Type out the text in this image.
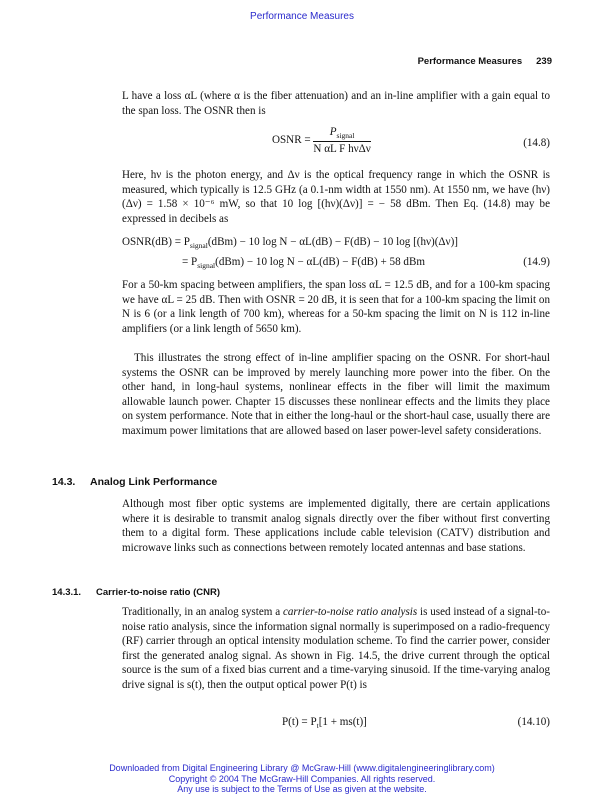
Performance Measures
Performance Measures 239

L have a loss αL (where α is the fiber attenuation) and an in-line amplifier with a gain equal to the span loss. The OSNR then is

OSNR = $\frac{P_{signal}}{\text{N αL F hνΔν}}$	(14.8)

Here, hν is the photon energy, and Δν is the optical frequency range in which the OSNR is measured, which typically is 12.5 GHz (a 0.1-nm width at 1550 nm). At 1550 nm, we have (hν)(Δν) = 1.58 × 10⁻⁶ mW, so that 10 log [(hν)(Δν)] = − 58 dBm. Then Eq. (14.8) may be expressed in decibels as

OSNR(dB) = $P_{signal}(dBm) - 10$ log N − αL(dB) − F(dB) − 10 log [(hν)(Δν)]
= $P_{signal}(dBm) - 10$ log N − αL(dB) − F(dB) + 58 dBm	(14.9)

For a 50-km spacing between amplifiers, the span loss αL = 12.5 dB, and for a 100-km spacing we have αL = 25 dB. Then with OSNR = 20 dB, it is seen that for a 100-km spacing the limit on N is 6 (or a link length of 700 km), whereas for a 50-km spacing the limit on N is 112 in-line amplifiers (or a link length of 5650 km).

This illustrates the strong effect of in-line amplifier spacing on the OSNR. For short-haul systems the OSNR can be improved by merely launching more power into the fiber. On the other hand, in long-haul systems, nonlinear effects in the fiber will limit the maximum allowable launch power. Chapter 15 discusses these nonlinear effects and the limits they place on system performance. Note that in either the long-haul or the short-haul case, usually there are maximum power limitations that are allowed based on laser power-level safety considerations.

14.3. Analog Link Performance

Although most fiber optic systems are implemented digitally, there are certain applications where it is desirable to transmit analog signals directly over the fiber without first converting them to a digital form. These applications include cable television (CATV) distribution and microwave links such as connections between remotely located antennas and base stations.

14.3.1. Carrier-to-noise ratio (CNR)

Traditionally, in an analog system a carrier-to-noise ratio analysis is used instead of a signal-to-noise ratio analysis, since the information signal normally is superimposed on a radio-frequency (RF) carrier through an optical intensity modulation scheme. To find the carrier power, consider first the generated analog signal. As shown in Fig. 14.5, the drive current through the optical source is the sum of a fixed bias current and a time-varying sinusoid. If the time-varying analog drive signal is s(t), then the output optical power P(t) is

$P(t) = P_t[1 + ms(t)]$	(14.10)
Downloaded from Digital Engineering Library @ McGraw-Hill (www.digitalengineeringlibrary.com)
Copyright © 2004 The McGraw-Hill Companies. All rights reserved.
Any use is subject to the Terms of Use as given at the website.
